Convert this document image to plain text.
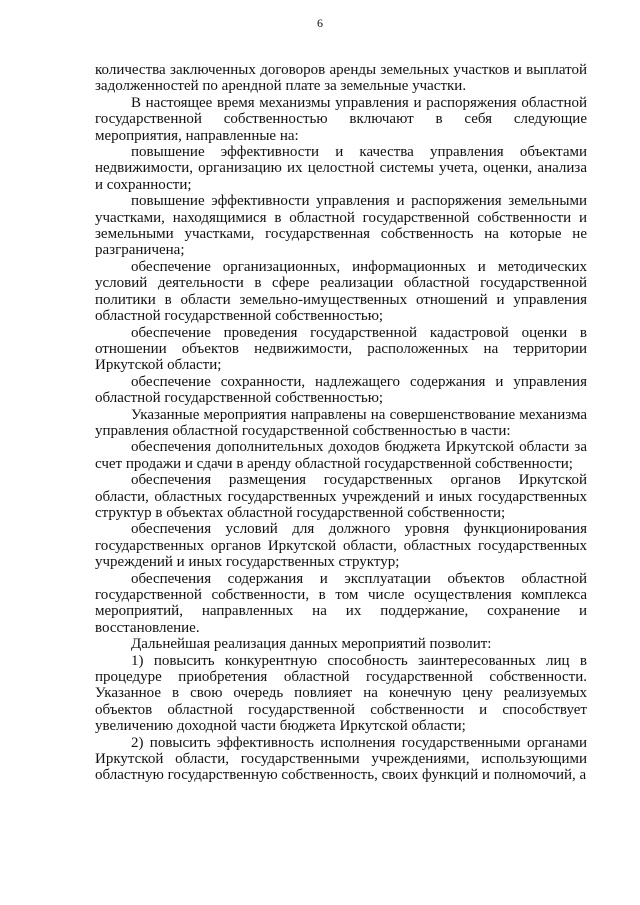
6

количества заключенных договоров аренды земельных участков и выплатой задолженностей по арендной плате за земельные участки.

В настоящее время механизмы управления и распоряжения областной государственной собственностью включают в себя следующие мероприятия, направленные на:

повышение эффективности и качества управления объектами недвижимости, организацию их целостной системы учета, оценки, анализа и сохранности;

повышение эффективности управления и распоряжения земельными участками, находящимися в областной государственной собственности и земельными участками, государственная собственность на которые не разграничена;

обеспечение организационных, информационных и методических условий деятельности в сфере реализации областной государственной политики в области земельно-имущественных отношений и управления областной государственной собственностью;

обеспечение проведения государственной кадастровой оценки в отношении объектов недвижимости, расположенных на территории Иркутской области;

обеспечение сохранности, надлежащего содержания и управления областной государственной собственностью;

Указанные мероприятия направлены на совершенствование механизма управления областной государственной собственностью в части:

обеспечения дополнительных доходов бюджета Иркутской области за счет продажи и сдачи в аренду областной государственной собственности;

обеспечения размещения государственных органов Иркутской области, областных государственных учреждений и иных государственных структур в объектах областной государственной собственности;

обеспечения условий для должного уровня функционирования государственных органов Иркутской области, областных государственных учреждений и иных государственных структур;

обеспечения содержания и эксплуатации объектов областной государственной собственности, в том числе осуществления комплекса мероприятий, направленных на их поддержание, сохранение и восстановление.

Дальнейшая реализация данных мероприятий позволит:

1) повысить конкурентную способность заинтересованных лиц в процедуре приобретения областной государственной собственности. Указанное в свою очередь повлияет на конечную цену реализуемых объектов областной государственной собственности и способствует увеличению доходной части бюджета Иркутской области;

2) повысить эффективность исполнения государственными органами Иркутской области, государственными учреждениями, использующими областную государственную собственность, своих функций и полномочий, а
